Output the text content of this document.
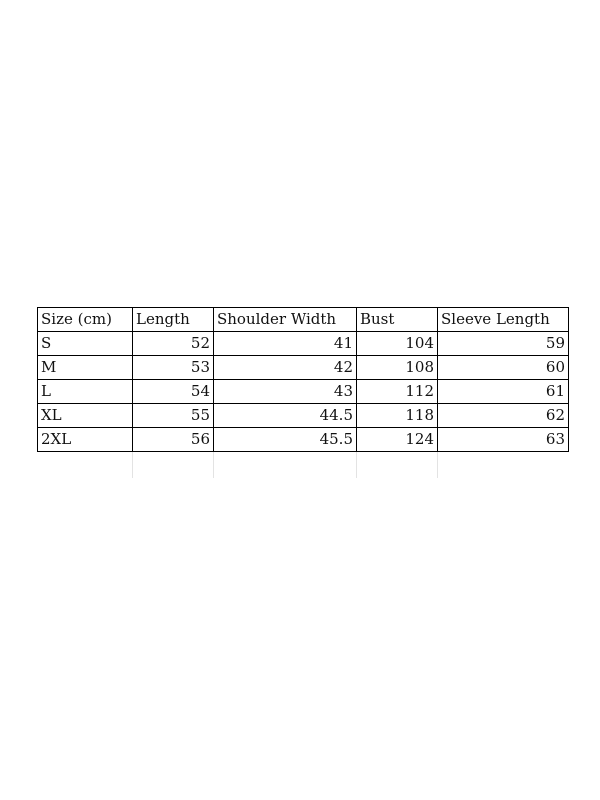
Size (cm)	Length	Shoulder Width	Bust	Sleeve Length
S	52	41	104	59
M	53	42	108	60
L	54	43	112	61
XL	55	44.5	118	62
2XL	56	45.5	124	63
